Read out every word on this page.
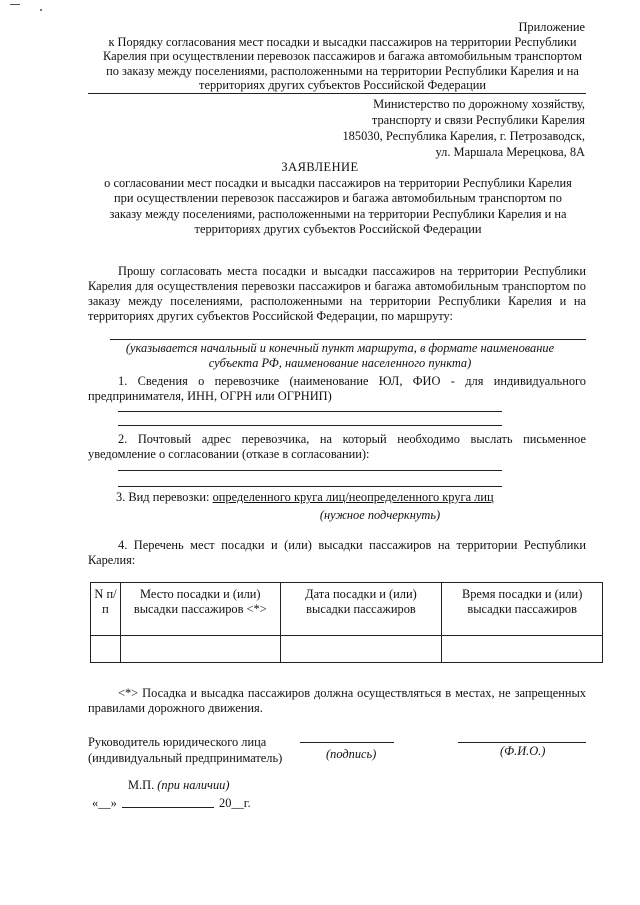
Приложение
к Порядку согласования мест посадки и высадки пассажиров на территории Республики
Карелия при осуществлении перевозок пассажиров и багажа автомобильным транспортом
по заказу между поселениями, расположенными на территории Республики Карелия и на
территориях других субъектов Российской Федерации
Министерство по дорожному хозяйству,
транспорту и связи Республики Карелия
185030, Республика Карелия, г. Петрозаводск,
ул. Маршала Мерецкова, 8А
ЗАЯВЛЕНИЕ
о согласовании мест посадки и высадки пассажиров на территории Республики Карелия
при осуществлении перевозок пассажиров и багажа автомобильным транспортом по
заказу между поселениями, расположенными на территории Республики Карелия и на
территориях других субъектов Российской Федерации
Прошу согласовать места посадки и высадки пассажиров на территории Республики Карелия для осуществления перевозки пассажиров и багажа автомобильным транспортом по заказу между поселениями, расположенными на территории Республики Карелия и на территориях других субъектов Российской Федерации, по маршруту:
(указывается начальный и конечный пункт маршрута, в формате наименование
субъекта РФ, наименование населенного пункта)
1. Сведения о перевозчике (наименование ЮЛ, ФИО - для индивидуального предпринимателя, ИНН, ОГРН или ОГРНИП)
2. Почтовый адрес перевозчика, на который необходимо выслать письменное уведомление о согласовании (отказе в согласовании):
3. Вид перевозки: определенного круга лиц/неопределенного круга лиц
(нужное подчеркнуть)
4. Перечень мест посадки и (или) высадки пассажиров на территории Республики Карелия:
N п/п	Место посадки и (или) высадки пассажиров <*>	Дата посадки и (или) высадки пассажиров	Время посадки и (или) высадки пассажиров

<*> Посадка и высадка пассажиров должна осуществляться в местах, не запрещенных правилами дорожного движения.
Руководитель юридического лица
(индивидуальный предприниматель)	(подпись)	(Ф.И.О.)
М.П. (при наличии)
«__»	20__г.
